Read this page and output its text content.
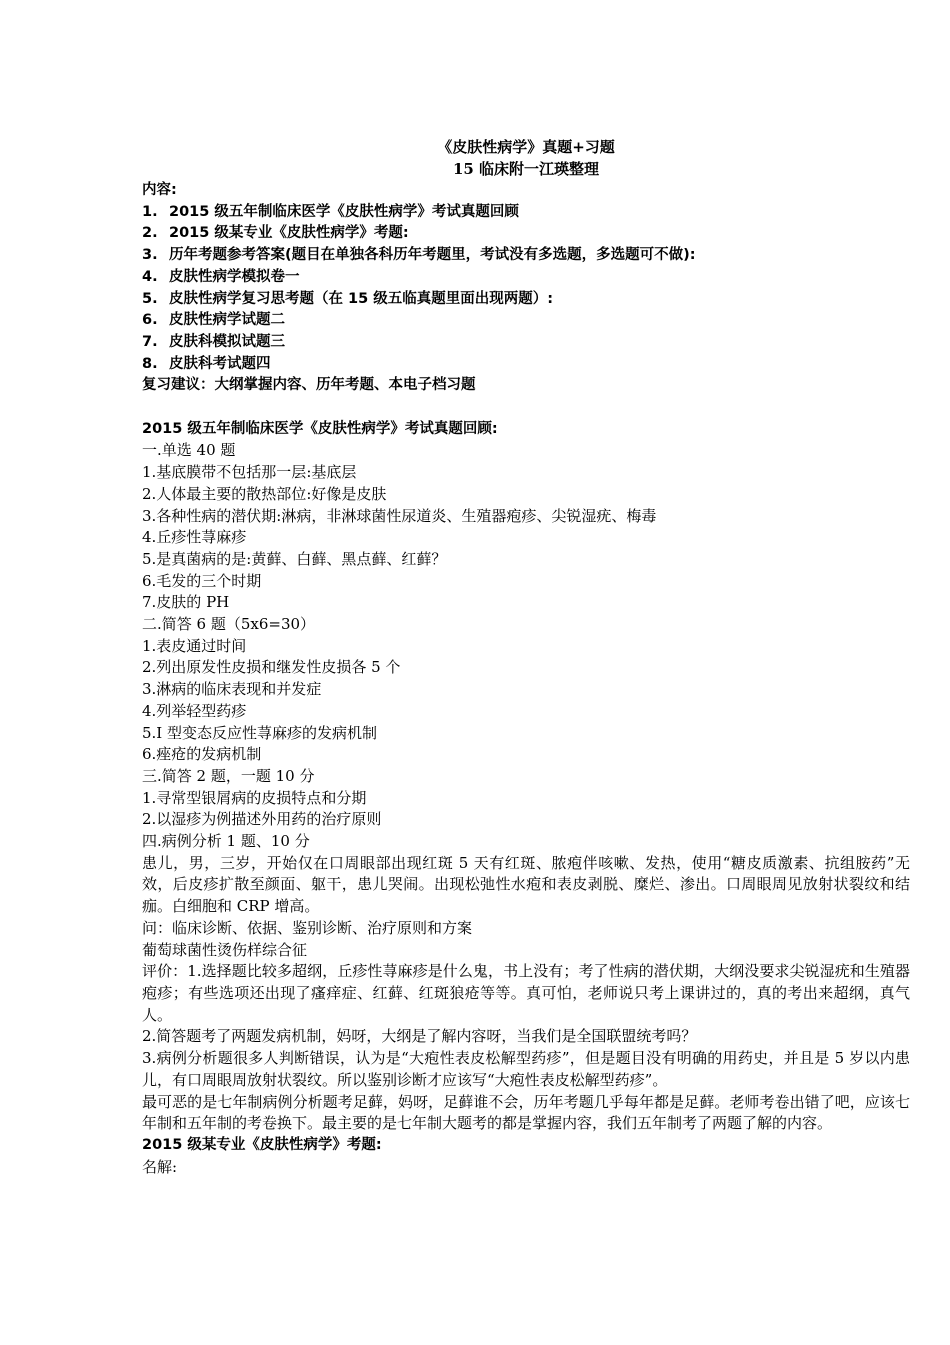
《皮肤性病学》真题+习题
15 临床附一江瑛整理
内容:
1. 2015 级五年制临床医学《皮肤性病学》考试真题回顾
2. 2015 级某专业《皮肤性病学》考题:
3. 历年考题参考答案(题目在单独各科历年考题里，考试没有多选题，多选题可不做):
4. 皮肤性病学模拟卷一
5. 皮肤性病学复习思考题（在 15 级五临真题里面出现两题）:
6. 皮肤性病学试题二
7. 皮肤科模拟试题三
8. 皮肤科考试题四
复习建议：大纲掌握内容、历年考题、本电子档习题
2015 级五年制临床医学《皮肤性病学》考试真题回顾:
一.单选 40 题
1.基底膜带不包括那一层:基底层
2.人体最主要的散热部位:好像是皮肤
3.各种性病的潜伏期:淋病，非淋球菌性尿道炎、生殖器疱疹、尖锐湿疣、梅毒
4.丘疹性荨麻疹
5.是真菌病的是:黄藓、白藓、黑点藓、红藓？
6.毛发的三个时期
7.皮肤的 PH
二.简答 6 题（5x6=30）
1.表皮通过时间
2.列出原发性皮损和继发性皮损各 5 个
3.淋病的临床表现和并发症
4.列举轻型药疹
5.I 型变态反应性荨麻疹的发病机制
6.痤疮的发病机制
三.简答 2 题，一题 10 分
1.寻常型银屑病的皮损特点和分期
2.以湿疹为例描述外用药的治疗原则
四.病例分析 1 题、10 分
患儿，男，三岁，开始仅在口周眼部出现红斑 5 天有红斑、脓疱伴咳嗽、发热，使用“糖皮质激素、抗组胺药”无效，后皮疹扩散至颜面、躯干，患儿哭闹。出现松弛性水疱和表皮剥脱、糜烂、渗出。口周眼周见放射状裂纹和结痂。白细胞和 CRP 增高。
问：临床诊断、依据、鉴别诊断、治疗原则和方案
葡萄球菌性烫伤样综合征
评价：1.选择题比较多超纲，丘疹性荨麻疹是什么鬼，书上没有；考了性病的潜伏期，大纲没要求尖锐湿疣和生殖器疱疹；有些选项还出现了瘙痒症、红藓、红斑狼疮等等。真可怕，老师说只考上课讲过的，真的考出来超纲，真气人。
2.简答题考了两题发病机制，妈呀，大纲是了解内容呀，当我们是全国联盟统考吗？
3.病例分析题很多人判断错误，认为是“大疱性表皮松解型药疹”，但是题目没有明确的用药史，并且是 5 岁以内患儿，有口周眼周放射状裂纹。所以鉴别诊断才应该写“大疱性表皮松解型药疹”。
最可恶的是七年制病例分析题考足藓，妈呀，足藓谁不会，历年考题几乎每年都是足藓。老师考卷出错了吧，应该七年制和五年制的考卷换下。最主要的是七年制大题考的都是掌握内容，我们五年制考了两题了解的内容。
2015 级某专业《皮肤性病学》考题:
名解:
